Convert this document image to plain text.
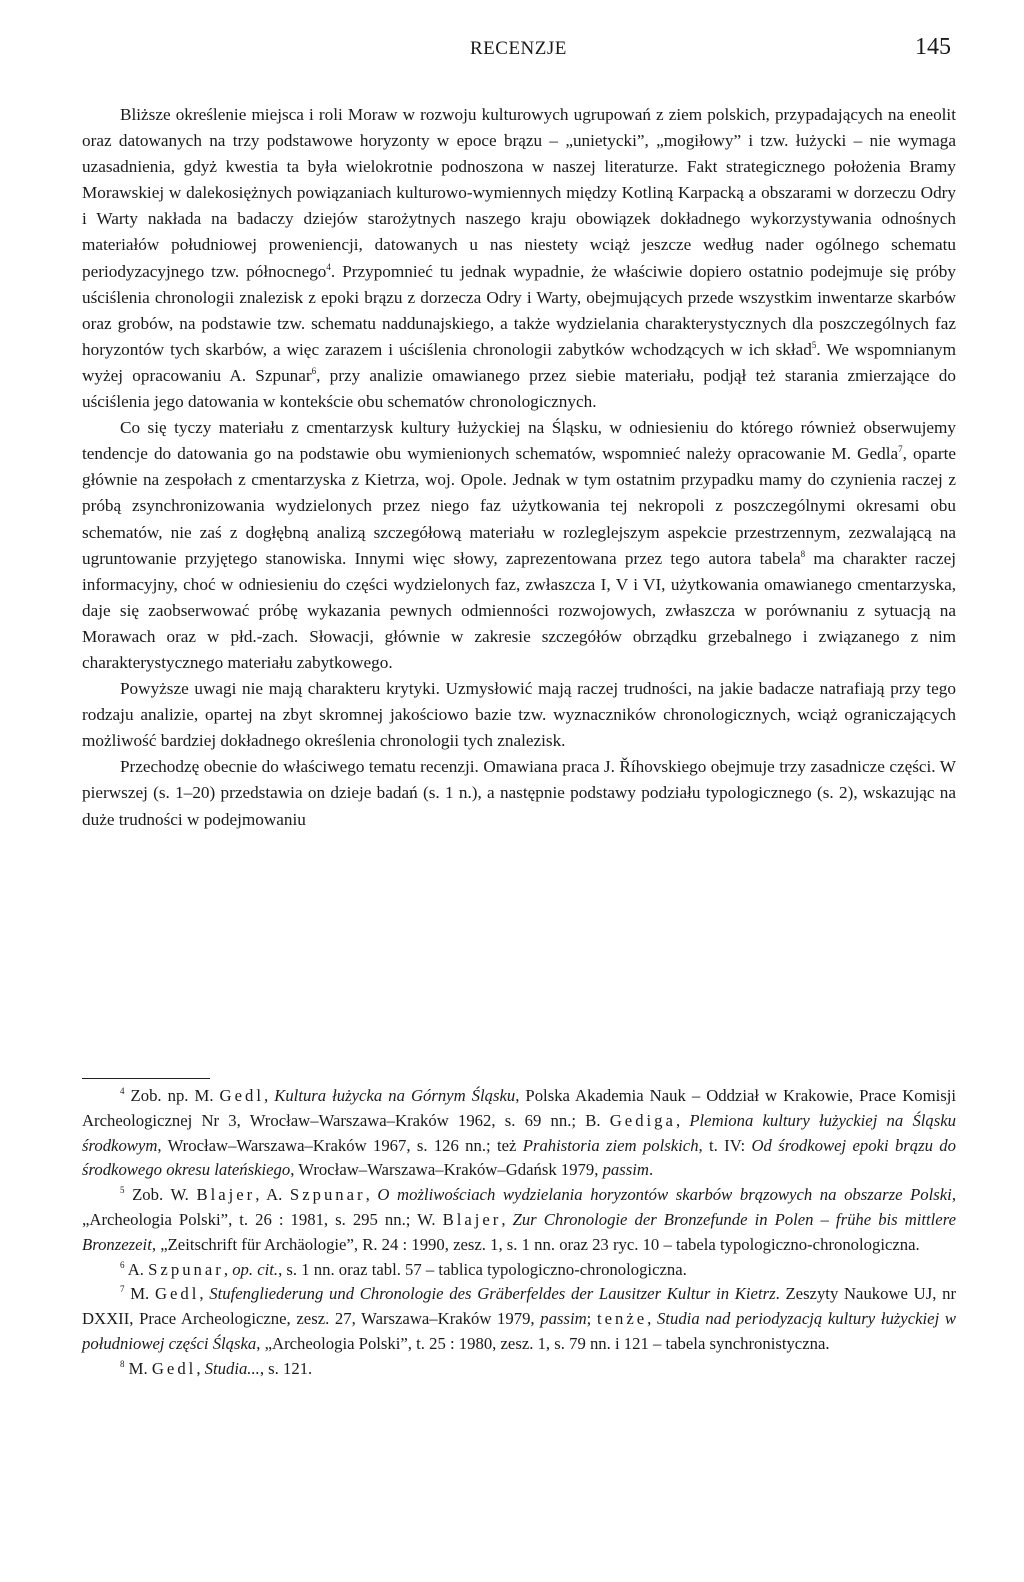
RECENZJE	145

Bliższe określenie miejsca i roli Moraw w rozwoju kulturowych ugrupowań z ziem polskich, przypadających na eneolit oraz datowanych na trzy podstawowe horyzonty w epoce brązu – „unietycki”, „mogiłowy” i tzw. łużycki – nie wymaga uzasadnienia, gdyż kwestia ta była wielokrotnie podnoszona w naszej literaturze. Fakt strategicznego położenia Bramy Morawskiej w dalekosiężnych powiązaniach kulturowo-wymiennych między Kotliną Karpacką a obszarami w dorzeczu Odry i Warty nakłada na badaczy dziejów starożytnych naszego kraju obowiązek dokładnego wykorzystywania odnośnych materiałów południowej proweniencji, datowanych u nas niestety wciąż jeszcze według nader ogólnego schematu periodyzacyjnego tzw. północnego$^4$. Przypomnieć tu jednak wypadnie, że właściwie dopiero ostatnio podejmuje się próby uściślenia chronologii znalezisk z epoki brązu z dorzecza Odry i Warty, obejmujących przede wszystkim inwentarze skarbów oraz grobów, na podstawie tzw. schematu naddunajskiego, a także wydzielania charakterystycznych dla poszczególnych faz horyzontów tych skarbów, a więc zarazem i uściślenia chronologii zabytków wchodzących w ich skład$^5$. We wspomnianym wyżej opracowaniu A. Szpunar$^6$, przy analizie omawianego przez siebie materiału, podjął też starania zmierzające do uściślenia jego datowania w kontekście obu schematów chronologicznych.

Co się tyczy materiału z cmentarzysk kultury łużyckiej na Śląsku, w odniesieniu do którego również obserwujemy tendencje do datowania go na podstawie obu wymienionych schematów, wspomnieć należy opracowanie M. Gedla$^7$, oparte głównie na zespołach z cmentarzyska z Kietrza, woj. Opole. Jednak w tym ostatnim przypadku mamy do czynienia raczej z próbą zsynchronizowania wydzielonych przez niego faz użytkowania tej nekropoli z poszczególnymi okresami obu schematów, nie zaś z dogłębną analizą szczegółową materiału w rozleglejszym aspekcie przestrzennym, zezwalającą na ugruntowanie przyjętego stanowiska. Innymi więc słowy, zaprezentowana przez tego autora tabela$^8$ ma charakter raczej informacyjny, choć w odniesieniu do części wydzielonych faz, zwłaszcza I, V i VI, użytkowania omawianego cmentarzyska, daje się zaobserwować próbę wykazania pewnych odmienności rozwojowych, zwłaszcza w porównaniu z sytuacją na Morawach oraz w płd.-zach. Słowacji, głównie w zakresie szczegółów obrządku grzebalnego i związanego z nim charakterystycznego materiału zabytkowego.

Powyższe uwagi nie mają charakteru krytyki. Uzmysłowić mają raczej trudności, na jakie badacze natrafiają przy tego rodzaju analizie, opartej na zbyt skromnej jakościowo bazie tzw. wyznaczników chronologicznych, wciąż ograniczających możliwość bardziej dokładnego określenia chronologii tych znalezisk.

Przechodzę obecnie do właściwego tematu recenzji. Omawiana praca J. Říhovskiego obejmuje trzy zasadnicze części. W pierwszej (s. 1–20) przedstawia on dzieje badań (s. 1 n.), a następnie podstawy podziału typologicznego (s. 2), wskazując na duże trudności w podejmowaniu

$^4$ Zob. np. M. Gedl, Kultura łużycka na Górnym Śląsku, Polska Akademia Nauk – Oddział w Krakowie, Prace Komisji Archeologicznej Nr 3, Wrocław–Warszawa–Kraków 1962, s. 69 nn.; B. Gediga, Plemiona kultury łużyckiej na Śląsku środkowym, Wrocław–Warszawa–Kraków 1967, s. 126 nn.; też Prahistoria ziem polskich, t. IV: Od środkowej epoki brązu do środkowego okresu lateńskiego, Wrocław–Warszawa–Kraków–Gdańsk 1979, passim.

$^5$ Zob. W. Blajer, A. Szpunar, O możliwościach wydzielania horyzontów skarbów brązowych na obszarze Polski, „Archeologia Polski”, t. 26 : 1981, s. 295 nn.; W. Blajer, Zur Chronologie der Bronzefunde in Polen – frühe bis mittlere Bronzezeit, „Zeitschrift für Archäologie”, R. 24 : 1990, zesz. 1, s. 1 nn. oraz 23 ryc. 10 – tabela typologiczno-chronologiczna.

$^6$ A. Szpunar, op. cit., s. 1 nn. oraz tabl. 57 – tablica typologiczno-chronologiczna.

$^7$ M. Gedl, Stufengliederung und Chronologie des Gräberfeldes der Lausitzer Kultur in Kietrz. Zeszyty Naukowe UJ, nr DXXII, Prace Archeologiczne, zesz. 27, Warszawa–Kraków 1979, passim; tenże, Studia nad periodyzacją kultury łużyckiej w południowej części Śląska, „Archeologia Polski”, t. 25 : 1980, zesz. 1, s. 79 nn. i 121 – tabela synchronistyczna.

$^8$ M. Gedl, Studia..., s. 121.
